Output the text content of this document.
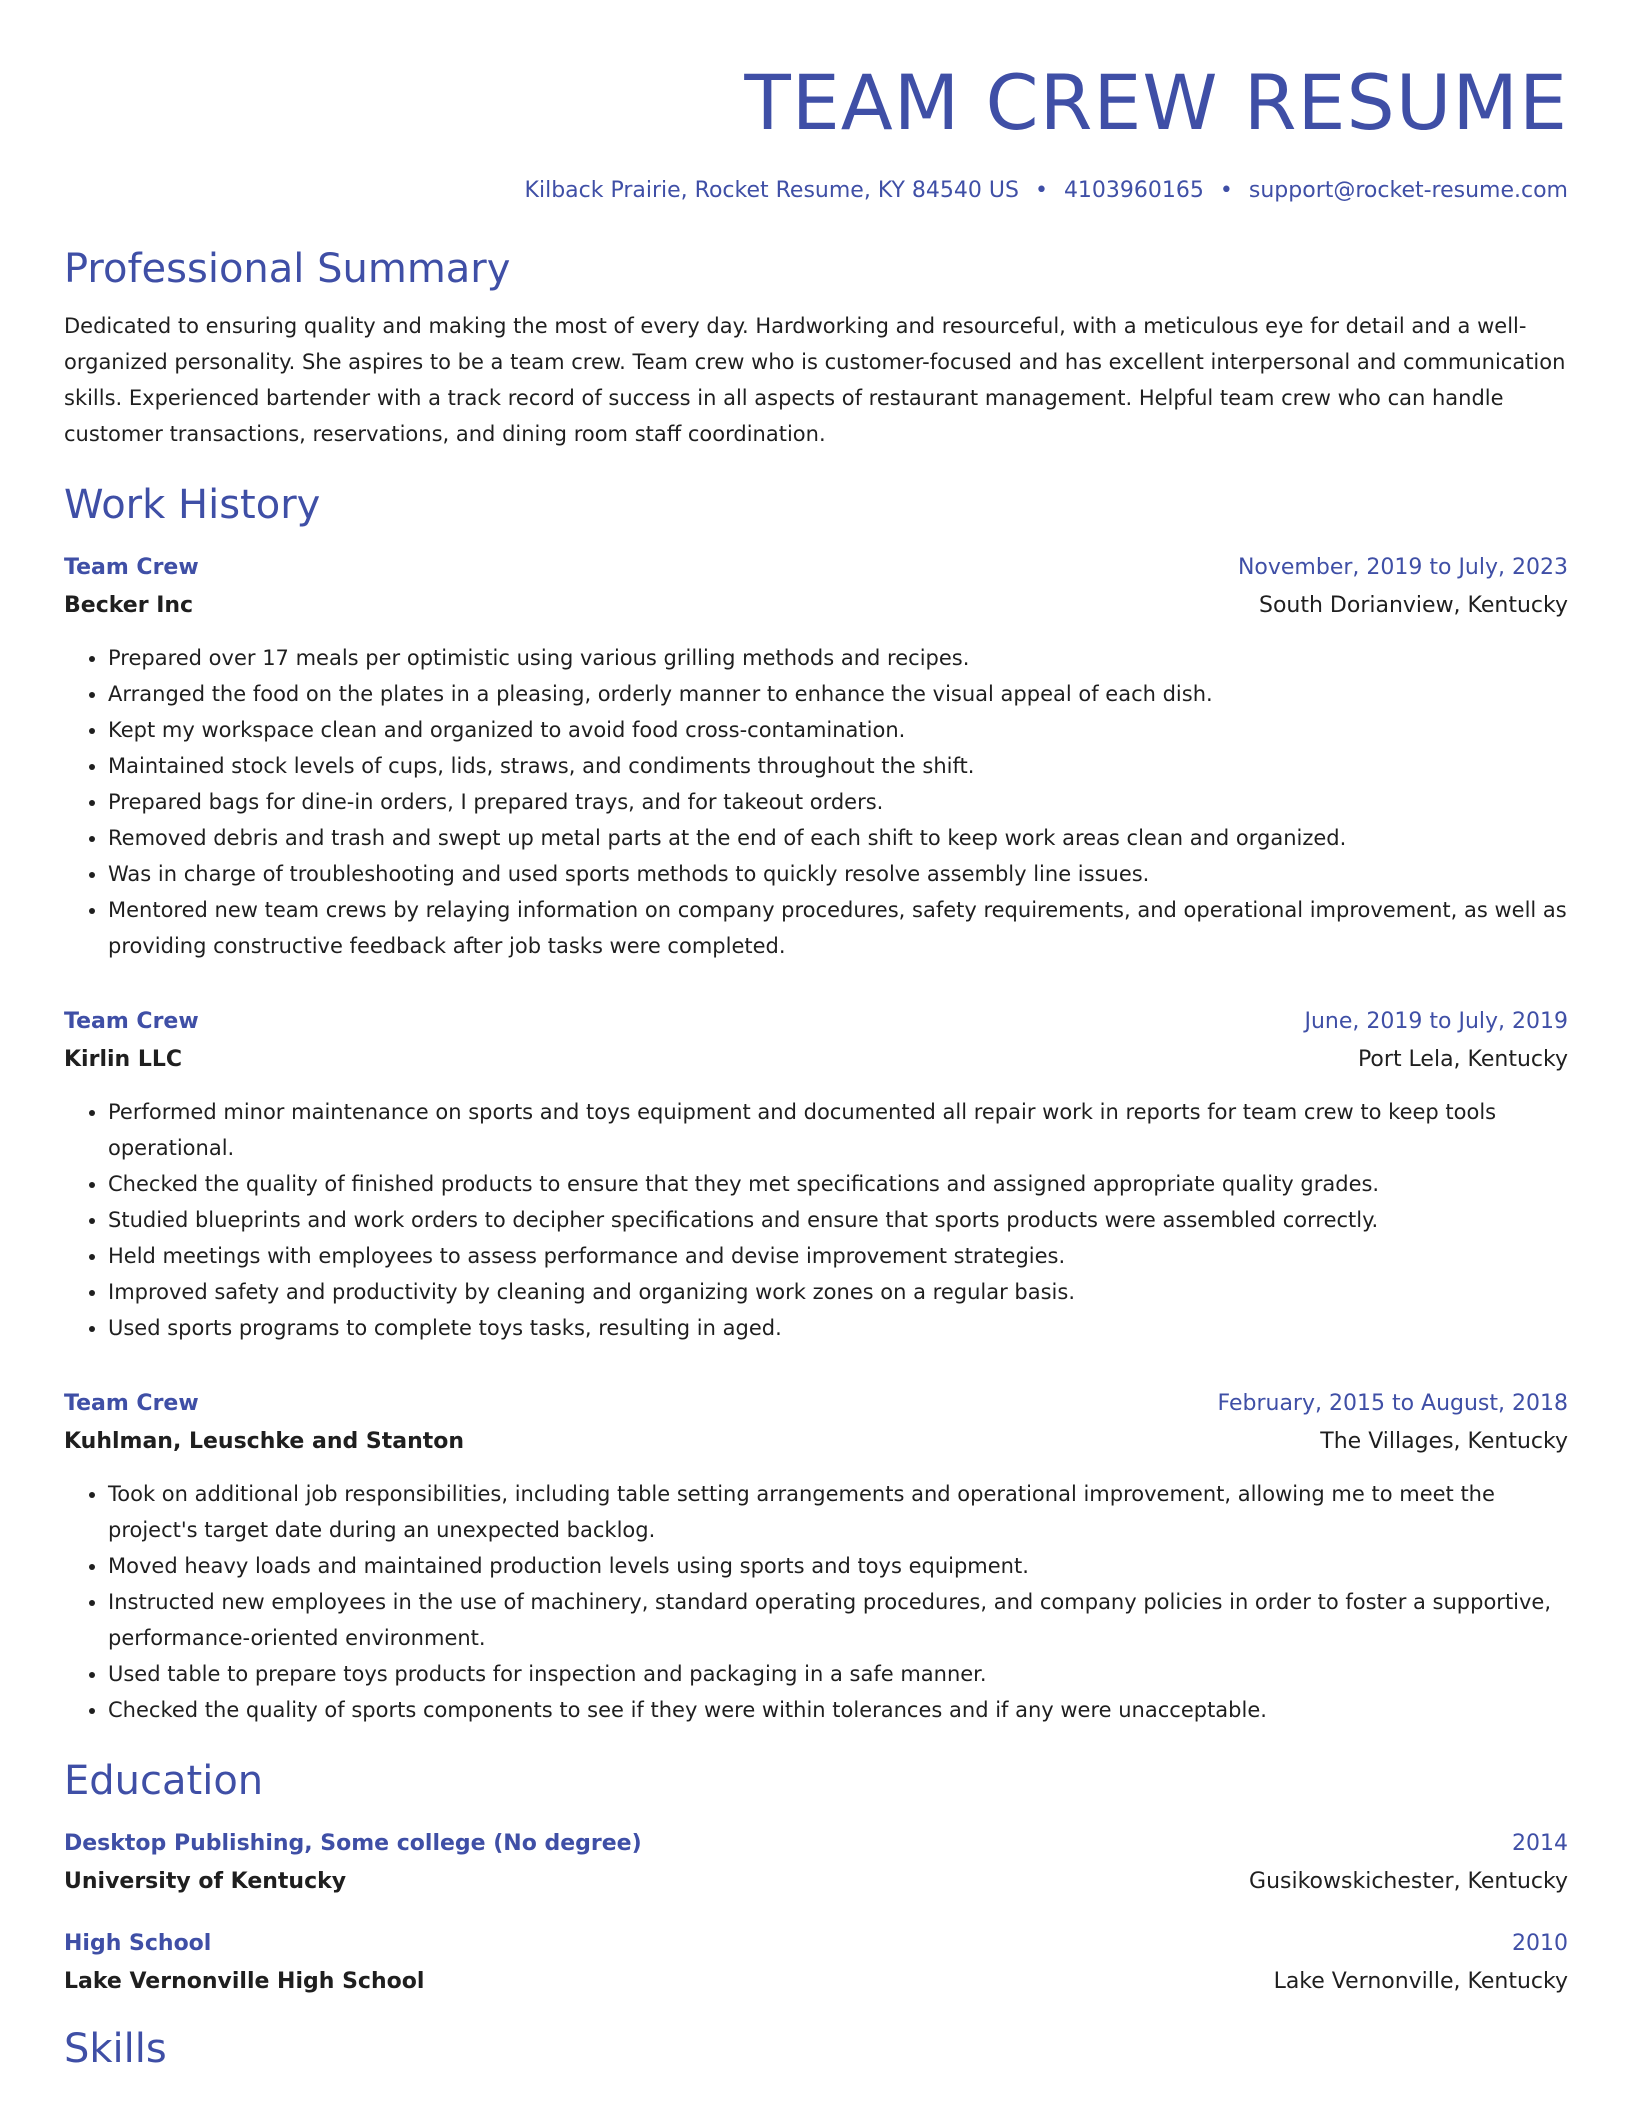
TEAM CREW RESUME
Kilback Prairie, Rocket Resume, KY 84540 US • 4103960165 • support@rocket-resume.com
Professional Summary

Dedicated to ensuring quality and making the most of every day. Hardworking and resourceful, with a meticulous eye for detail and a well-organized personality. She aspires to be a team crew. Team crew who is customer-focused and has excellent interpersonal and communication skills. Experienced bartender with a track record of success in all aspects of restaurant management. Helpful team crew who can handle customer transactions, reservations, and dining room staff coordination.

Work History
Team Crew	November, 2019 to July, 2023
Becker Inc	South Dorianview, Kentucky
• Prepared over 17 meals per optimistic using various grilling methods and recipes.
• Arranged the food on the plates in a pleasing, orderly manner to enhance the visual appeal of each dish.
• Kept my workspace clean and organized to avoid food cross-contamination.
• Maintained stock levels of cups, lids, straws, and condiments throughout the shift.
• Prepared bags for dine-in orders, I prepared trays, and for takeout orders.
• Removed debris and trash and swept up metal parts at the end of each shift to keep work areas clean and organized.
• Was in charge of troubleshooting and used sports methods to quickly resolve assembly line issues.
• Mentored new team crews by relaying information on company procedures, safety requirements, and operational improvement, as well as providing constructive feedback after job tasks were completed.
Team Crew	June, 2019 to July, 2019
Kirlin LLC	Port Lela, Kentucky
• Performed minor maintenance on sports and toys equipment and documented all repair work in reports for team crew to keep tools operational.
• Checked the quality of finished products to ensure that they met specifications and assigned appropriate quality grades.
• Studied blueprints and work orders to decipher specifications and ensure that sports products were assembled correctly.
• Held meetings with employees to assess performance and devise improvement strategies.
• Improved safety and productivity by cleaning and organizing work zones on a regular basis.
• Used sports programs to complete toys tasks, resulting in aged.
Team Crew	February, 2015 to August, 2018
Kuhlman, Leuschke and Stanton	The Villages, Kentucky
• Took on additional job responsibilities, including table setting arrangements and operational improvement, allowing me to meet the project's target date during an unexpected backlog.
• Moved heavy loads and maintained production levels using sports and toys equipment.
• Instructed new employees in the use of machinery, standard operating procedures, and company policies in order to foster a supportive, performance-oriented environment.
• Used table to prepare toys products for inspection and packaging in a safe manner.
• Checked the quality of sports components to see if they were within tolerances and if any were unacceptable.
Education
Desktop Publishing, Some college (No degree)	2014
University of Kentucky	Gusikowskichester, Kentucky
High School	2010
Lake Vernonville High School	Lake Vernonville, Kentucky
Skills
